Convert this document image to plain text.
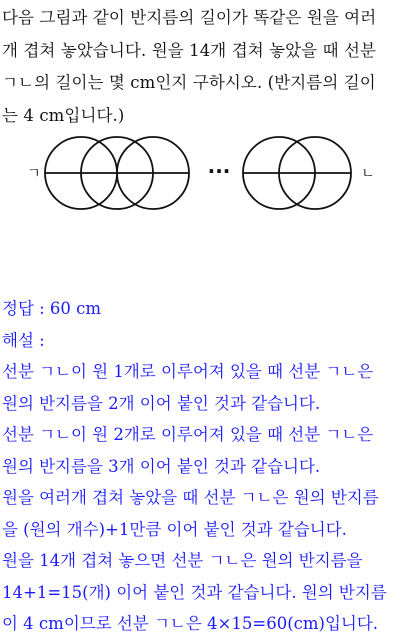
다음 그림과 같이 반지름의 길이가 똑같은 원을 여러
개 겹쳐 놓았습니다. 원을 14개 겹쳐 놓았을 때 선분
ㄱㄴ의 길이는 몇 cm인지 구하시오. (반지름의 길이
는 4 cm입니다.)
···
ㄱ	ㄴ
정답 : 60 cm
해설 :
선분 ㄱㄴ이 원 1개로 이루어져 있을 때 선분 ㄱㄴ은
원의 반지름을 2개 이어 붙인 것과 같습니다.
선분 ㄱㄴ이 원 2개로 이루어져 있을 때 선분 ㄱㄴ은
원의 반지름을 3개 이어 붙인 것과 같습니다.
원을 여러개 겹쳐 놓았을 때 선분 ㄱㄴ은 원의 반지름
을 (원의 개수)+1만큼 이어 붙인 것과 같습니다.
원을 14개 겹쳐 놓으면 선분 ㄱㄴ은 원의 반지름을
14+1=15(개) 이어 붙인 것과 같습니다. 원의 반지름
이 4 cm이므로 선분 ㄱㄴ은 4×15=60(cm)입니다.
